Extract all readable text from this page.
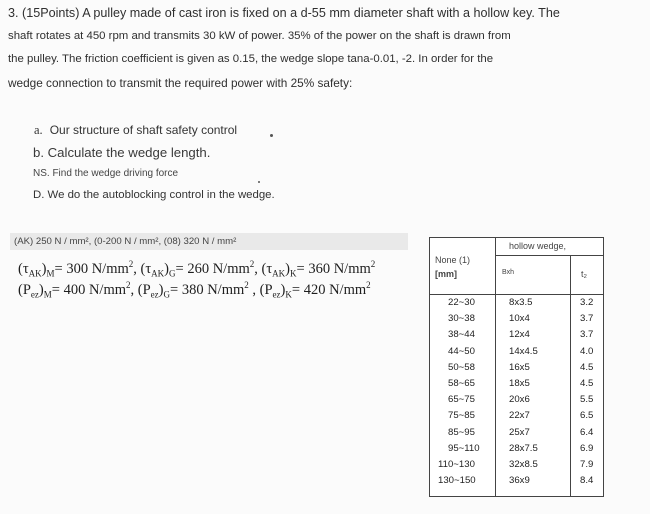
3. (15Points) A pulley made of cast iron is fixed on a d-55 mm diameter shaft with a hollow key. The
shaft rotates at 450 rpm and transmits 30 kW of power. 35% of the power on the shaft is drawn from
the pulley. The friction coefficient is given as 0.15, the wedge slope tana-0.01, -2. In order for the
wedge connection to transmit the required power with 25% safety:
a. Our structure of shaft safety control
b. Calculate the wedge length.
NS. Find the wedge driving force
D. We do the autoblocking control in the wedge.
(AK) 250 N / mm², (0-200 N / mm², (08) 320 N / mm²
$(\tau_{AK})_M= 300$ $N/mm^2$, $(\tau_{AK})_G= 260$ $N/mm^2$, $(\tau_{AK})_K= 360$ $N/mm^2$
$(P_{ez})_M= 400$ $N/mm^2$, $(P_{ez})_G= 380$ $N/mm^2$ , $(P_{ez})_K= 420$ $N/mm^2$
None (1)
[mm]
hollow wedge,
Bxh	t₂
22~30	8x3.5	3.2
30~38	10x4	3.7
38~44	12x4	3.7
44~50	14x4.5	4.0
50~58	16x5	4.5
58~65	18x5	4.5
65~75	20x6	5.5
75~85	22x7	6.5
85~95	25x7	6.4
95~110	28x7.5	6.9
110~130	32x8.5	7.9
130~150	36x9	8.4
